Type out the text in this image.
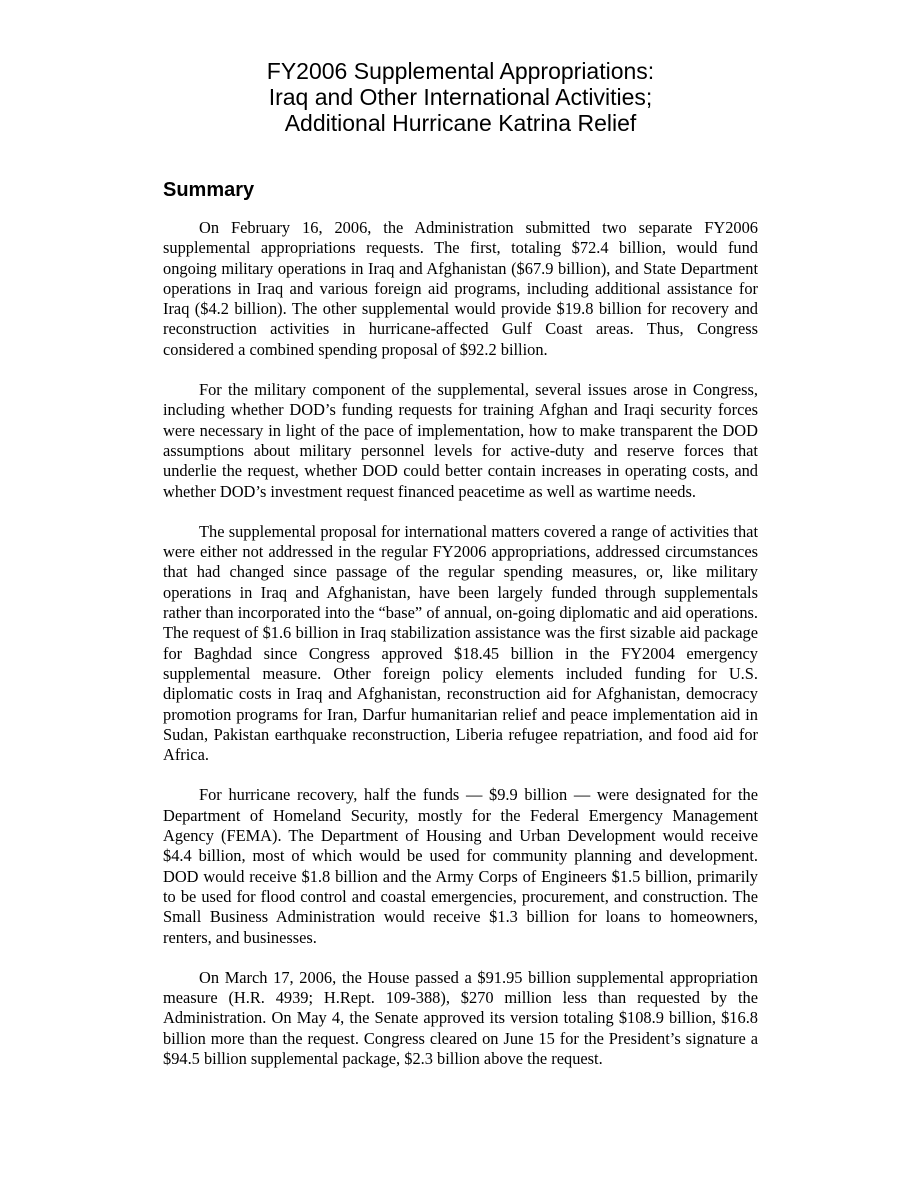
FY2006 Supplemental Appropriations:
Iraq and Other International Activities;
Additional Hurricane Katrina Relief
Summary

On February 16, 2006, the Administration submitted two separate FY2006 supplemental appropriations requests. The first, totaling $72.4 billion, would fund ongoing military operations in Iraq and Afghanistan ($67.9 billion), and State Department operations in Iraq and various foreign aid programs, including additional assistance for Iraq ($4.2 billion). The other supplemental would provide $19.8 billion for recovery and reconstruction activities in hurricane-affected Gulf Coast areas. Thus, Congress considered a combined spending proposal of $92.2 billion.

For the military component of the supplemental, several issues arose in Congress, including whether DOD’s funding requests for training Afghan and Iraqi security forces were necessary in light of the pace of implementation, how to make transparent the DOD assumptions about military personnel levels for active-duty and reserve forces that underlie the request, whether DOD could better contain increases in operating costs, and whether DOD’s investment request financed peacetime as well as wartime needs.

The supplemental proposal for international matters covered a range of activities that were either not addressed in the regular FY2006 appropriations, addressed circumstances that had changed since passage of the regular spending measures, or, like military operations in Iraq and Afghanistan, have been largely funded through supplementals rather than incorporated into the “base” of annual, on-going diplomatic and aid operations. The request of $1.6 billion in Iraq stabilization assistance was the first sizable aid package for Baghdad since Congress approved $18.45 billion in the FY2004 emergency supplemental measure. Other foreign policy elements included funding for U.S. diplomatic costs in Iraq and Afghanistan, reconstruction aid for Afghanistan, democracy promotion programs for Iran, Darfur humanitarian relief and peace implementation aid in Sudan, Pakistan earthquake reconstruction, Liberia refugee repatriation, and food aid for Africa.

For hurricane recovery, half the funds — $9.9 billion — were designated for the Department of Homeland Security, mostly for the Federal Emergency Management Agency (FEMA). The Department of Housing and Urban Development would receive $4.4 billion, most of which would be used for community planning and development. DOD would receive $1.8 billion and the Army Corps of Engineers $1.5 billion, primarily to be used for flood control and coastal emergencies, procurement, and construction. The Small Business Administration would receive $1.3 billion for loans to homeowners, renters, and businesses.

On March 17, 2006, the House passed a $91.95 billion supplemental appropriation measure (H.R. 4939; H.Rept. 109-388), $270 million less than requested by the Administration. On May 4, the Senate approved its version totaling $108.9 billion, $16.8 billion more than the request. Congress cleared on June 15 for the President’s signature a $94.5 billion supplemental package, $2.3 billion above the request.
